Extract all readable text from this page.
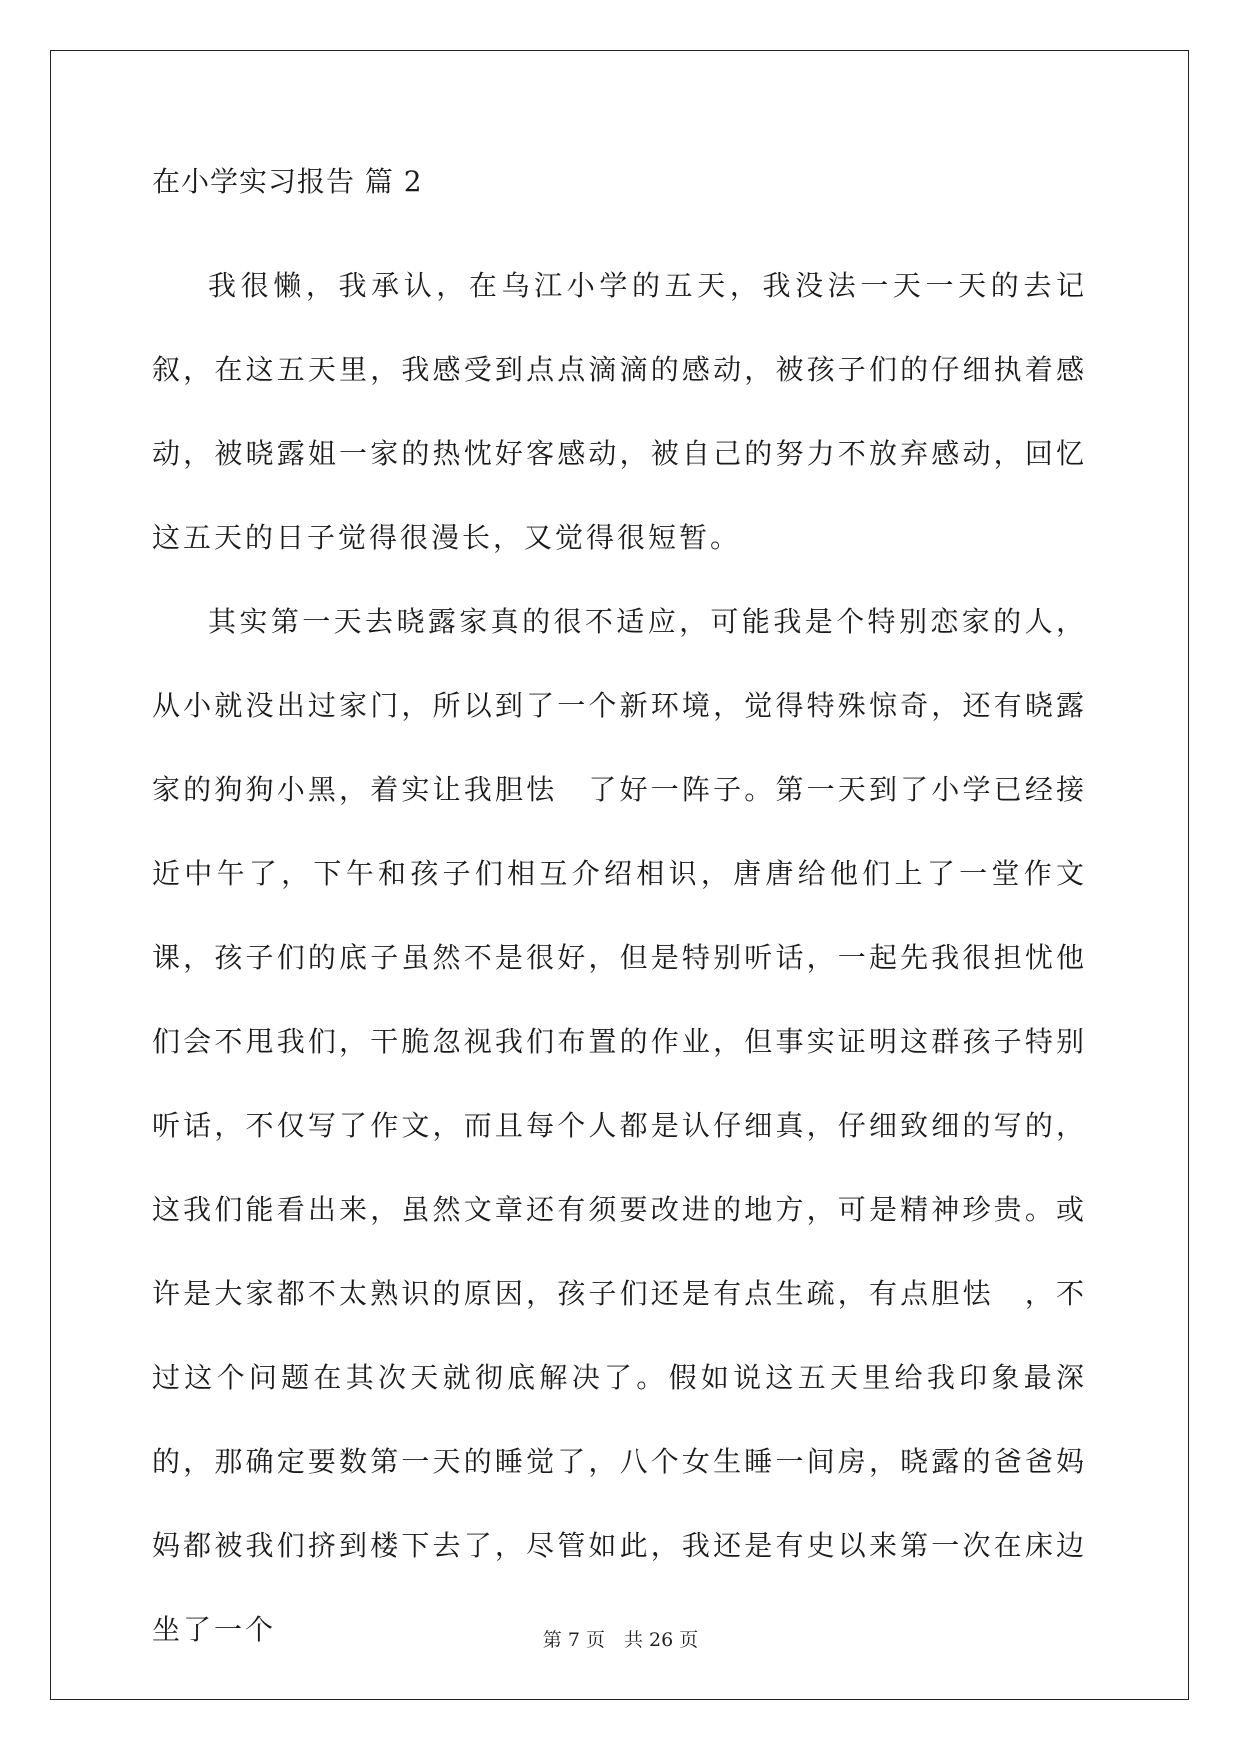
在小学实习报告 篇 2

我很懒，我承认，在乌江小学的五天，我没法一天一天的去记叙，在这五天里，我感受到点点滴滴的感动，被孩子们的仔细执着感动，被晓露姐一家的热忱好客感动，被自己的努力不放弃感动，回忆这五天的日子觉得很漫长，又觉得很短暂。

其实第一天去晓露家真的很不适应，可能我是个特别恋家的人，从小就没出过家门，所以到了一个新环境，觉得特殊惊奇，还有晓露家的狗狗小黑，着实让我胆怯　了好一阵子。第一天到了小学已经接近中午了，下午和孩子们相互介绍相识，唐唐给他们上了一堂作文课，孩子们的底子虽然不是很好，但是特别听话，一起先我很担忧他们会不甩我们，干脆忽视我们布置的作业，但事实证明这群孩子特别听话，不仅写了作文，而且每个人都是认仔细真，仔细致细的写的，这我们能看出来，虽然文章还有须要改进的地方，可是精神珍贵。或许是大家都不太熟识的原因，孩子们还是有点生疏，有点胆怯　，不过这个问题在其次天就彻底解决了。假如说这五天里给我印象最深的，那确定要数第一天的睡觉了，八个女生睡一间房，晓露的爸爸妈妈都被我们挤到楼下去了，尽管如此，我还是有史以来第一次在床边坐了一个	第 7 页　共 26 页
